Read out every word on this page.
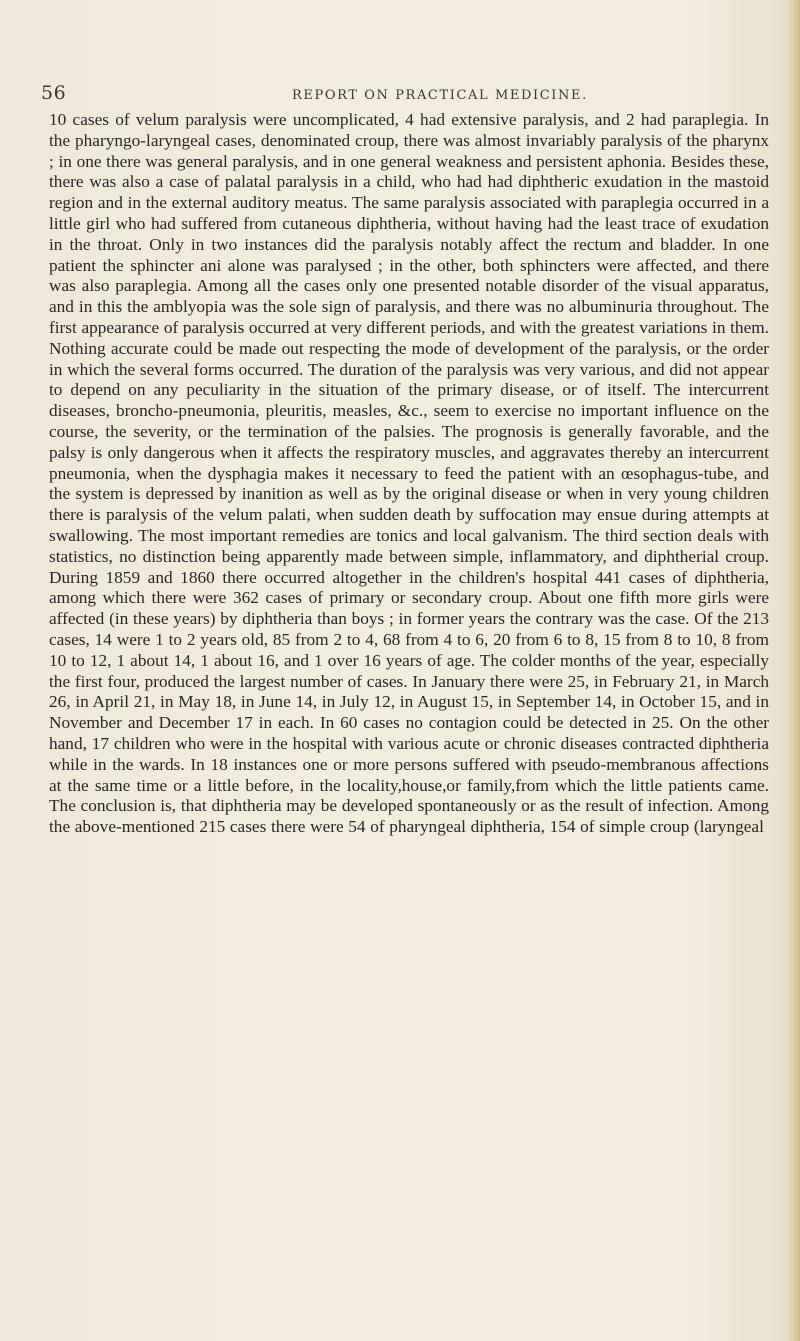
56	REPORT ON PRACTICAL MEDICINE.

10 cases of velum paralysis were uncomplicated, 4 had extensive paralysis, and 2 had paraplegia. In the pharyngo-laryngeal cases, denominated croup, there was almost invariably paralysis of the pharynx ; in one there was general paralysis, and in one general weakness and persistent aphonia. Besides these, there was also a case of palatal paralysis in a child, who had had diphtheric exudation in the mastoid region and in the external auditory meatus. The same paralysis associated with paraplegia occurred in a little girl who had suffered from cutaneous diphtheria, without having had the least trace of exudation in the throat. Only in two instances did the paralysis notably affect the rectum and bladder. In one patient the sphincter ani alone was paralysed ; in the other, both sphincters were affected, and there was also paraplegia. Among all the cases only one presented notable disorder of the visual apparatus, and in this the amblyopia was the sole sign of paralysis, and there was no albuminuria throughout. The first appearance of paralysis occurred at very different periods, and with the greatest variations in them. Nothing accurate could be made out respecting the mode of development of the paralysis, or the order in which the several forms occurred. The duration of the paralysis was very various, and did not appear to depend on any peculiarity in the situation of the primary disease, or of itself. The intercurrent diseases, broncho-pneumonia, pleuritis, measles, &c., seem to exercise no important influence on the course, the severity, or the termination of the palsies. The prognosis is generally favorable, and the palsy is only dangerous when it affects the respiratory muscles, and aggravates thereby an intercurrent pneumonia, when the dysphagia makes it necessary to feed the patient with an œsophagus-tube, and the system is depressed by inanition as well as by the original disease or when in very young children there is paralysis of the velum palati, when sudden death by suffocation may ensue during attempts at swallowing. The most important remedies are tonics and local galvanism. The third section deals with statistics, no distinction being apparently made between simple, inflammatory, and diphtherial croup. During 1859 and 1860 there occurred altogether in the children's hospital 441 cases of diphtheria, among which there were 362 cases of primary or secondary croup. About one fifth more girls were affected (in these years) by diphtheria than boys ; in former years the contrary was the case. Of the 213 cases, 14 were 1 to 2 years old, 85 from 2 to 4, 68 from 4 to 6, 20 from 6 to 8, 15 from 8 to 10, 8 from 10 to 12, 1 about 14, 1 about 16, and 1 over 16 years of age. The colder months of the year, especially the first four, produced the largest number of cases. In January there were 25, in February 21, in March 26, in April 21, in May 18, in June 14, in July 12, in August 15, in September 14, in October 15, and in November and December 17 in each. In 60 cases no contagion could be detected in 25. On the other hand, 17 children who were in the hospital with various acute or chronic diseases contracted diphtheria while in the wards. In 18 instances one or more persons suffered with pseudo-membranous affections at the same time or a little before, in the locality,house,or family,from which the little patients came. The conclusion is, that diphtheria may be developed spontaneously or as the result of infection. Among the above-mentioned 215 cases there were 54 of pharyngeal diphtheria, 154 of simple croup (laryngeal
